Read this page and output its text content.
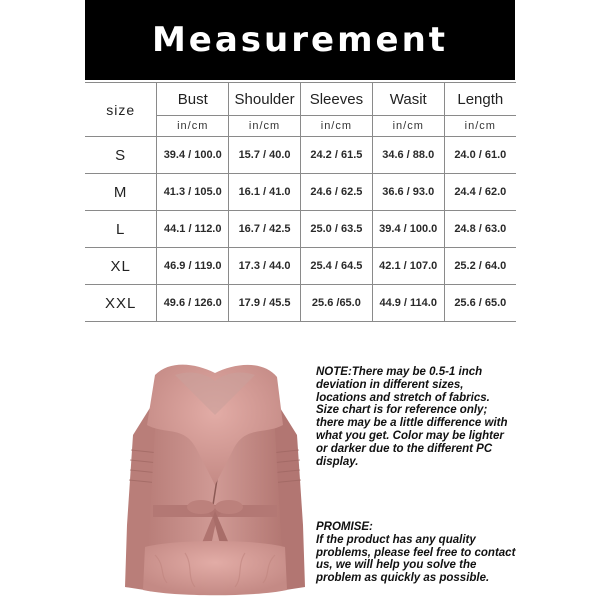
Measurement
size	Bust	Shoulder	Sleeves	Wasit	Length
	in/cm	in/cm	in/cm	in/cm	in/cm
S	39.4 / 100.0	15.7 / 40.0	24.2 / 61.5	34.6 / 88.0	24.0 / 61.0
M	41.3 / 105.0	16.1 / 41.0	24.6 / 62.5	36.6 / 93.0	24.4 / 62.0
L	44.1 / 112.0	16.7 / 42.5	25.0 / 63.5	39.4 / 100.0	24.8 / 63.0
XL	46.9 / 119.0	17.3 / 44.0	25.4 / 64.5	42.1 / 107.0	25.2 / 64.0
XXL	49.6 / 126.0	17.9 / 45.5	25.6 /65.0	44.9 / 114.0	25.6 / 65.0

NOTE:There may be 0.5-1 inch deviation in different sizes, locations and stretch of fabrics. Size chart is for reference only; there may be a little difference with what you get. Color may be lighter or darker due to the different PC display.

PROMISE:

If the product has any quality problems, please feel free to contact us, we will help you solve the problem as quickly as possible.
